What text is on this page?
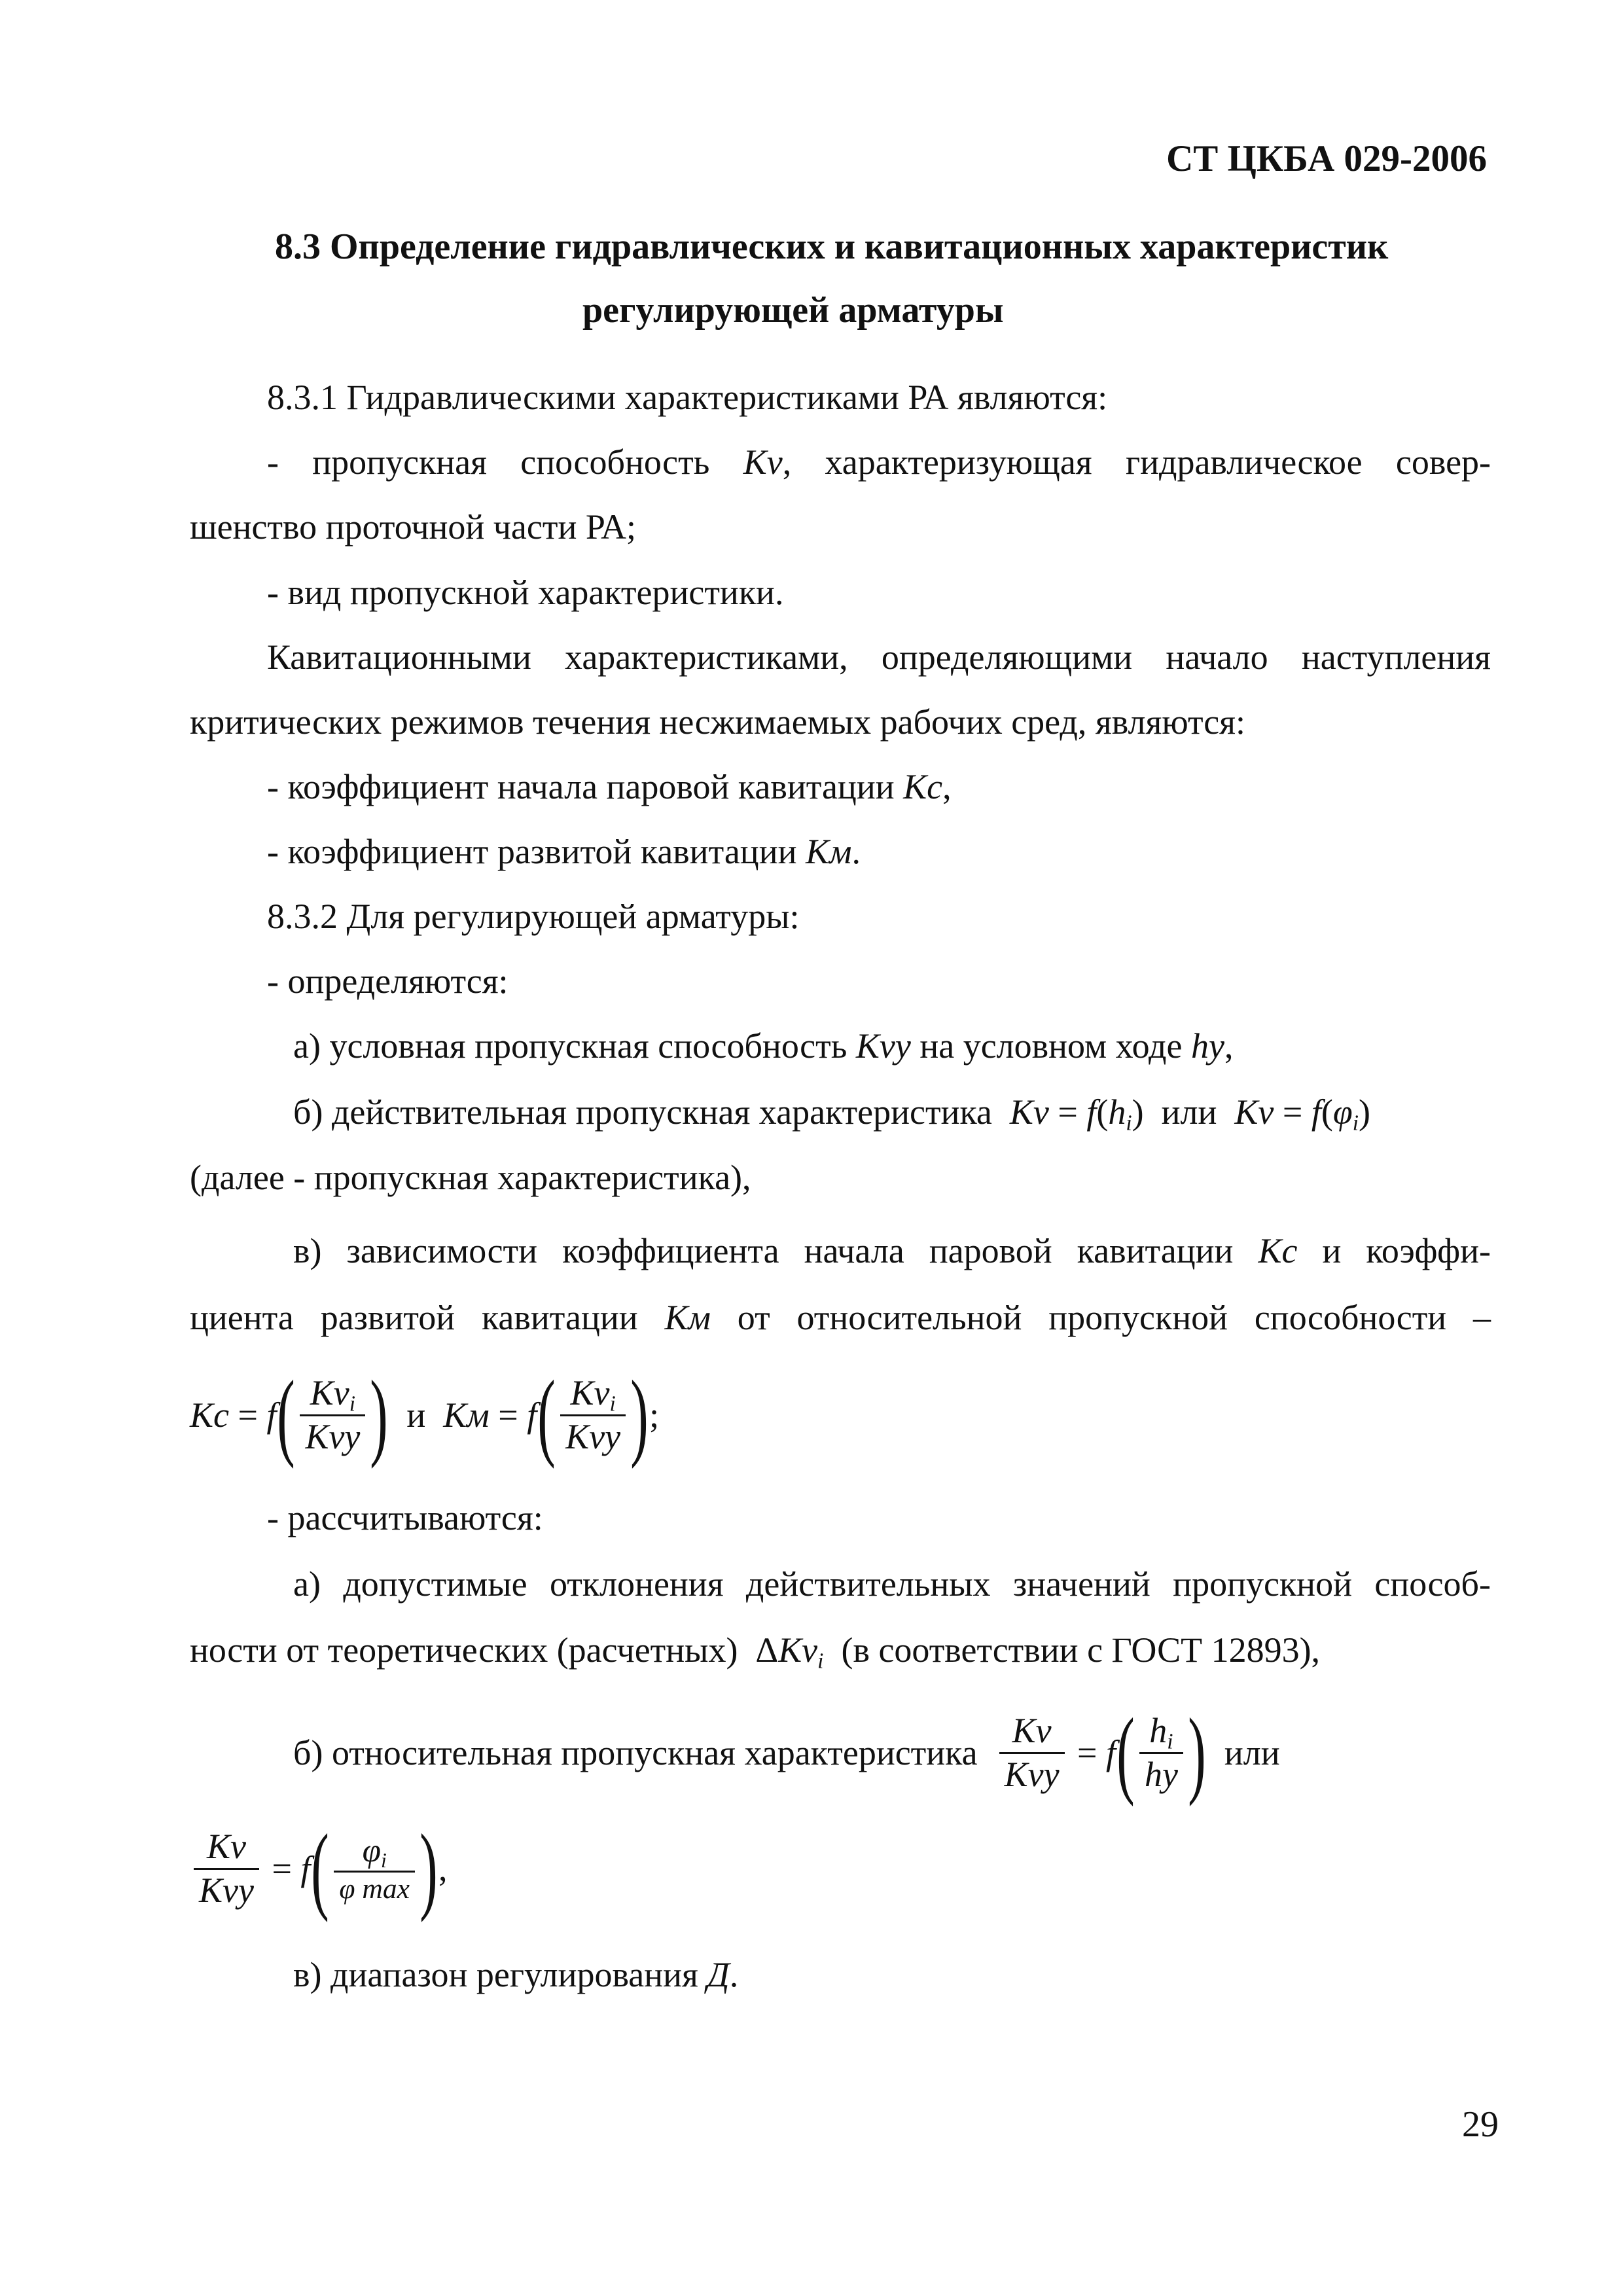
СТ ЦКБА 029-2006
8.3 Определение гидравлических и кавитационных характеристик
регулирующей арматуры
8.3.1 Гидравлическими характеристиками РА являются:
- пропускная способность Kv, характеризующая гидравлическое совер-
шенство проточной части РА;
- вид пропускной характеристики.
Кавитационными характеристиками, определяющими начало наступления
критических режимов течения несжимаемых рабочих сред, являются:
- коэффициент начала паровой кавитации Kc,
- коэффициент развитой кавитации Kм.
8.3.2 Для регулирующей арматуры:
- определяются:
а) условная пропускная способность Kvy на условном ходе hy,
б) действительная пропускная характеристика $Kv = f(h_i)$ или $Kv = f(\varphi_i)$
(далее - пропускная характеристика),
в) зависимости коэффициента начала паровой кавитации Kc и коэффи-
циента развитой кавитации Kм от относительной пропускной способности –
Kc
=
f ( $\frac{Kv_i}{\text{Kvy}}$ )
и
Kм
=
f ( $\frac{Kv_i}{\text{Kvy}}$ ) ;
- рассчитываются:
а) допустимые отклонения действительных значений пропускной способ-
ности от теоретических (расчетных) ΔKv$_i$ (в соответствии с ГОСТ 12893),
б) относительная пропускная характеристика
$\frac{Kv}{\text{Kvy}}$
=
f ( $\frac{h_i}{hy}$ )
или
$\frac{Kv}{\text{Kvy}}$
=
f ( $\frac{\varphi_i}{\text{φ max}}$ ) ,
в) диапазон регулирования Д.
29
